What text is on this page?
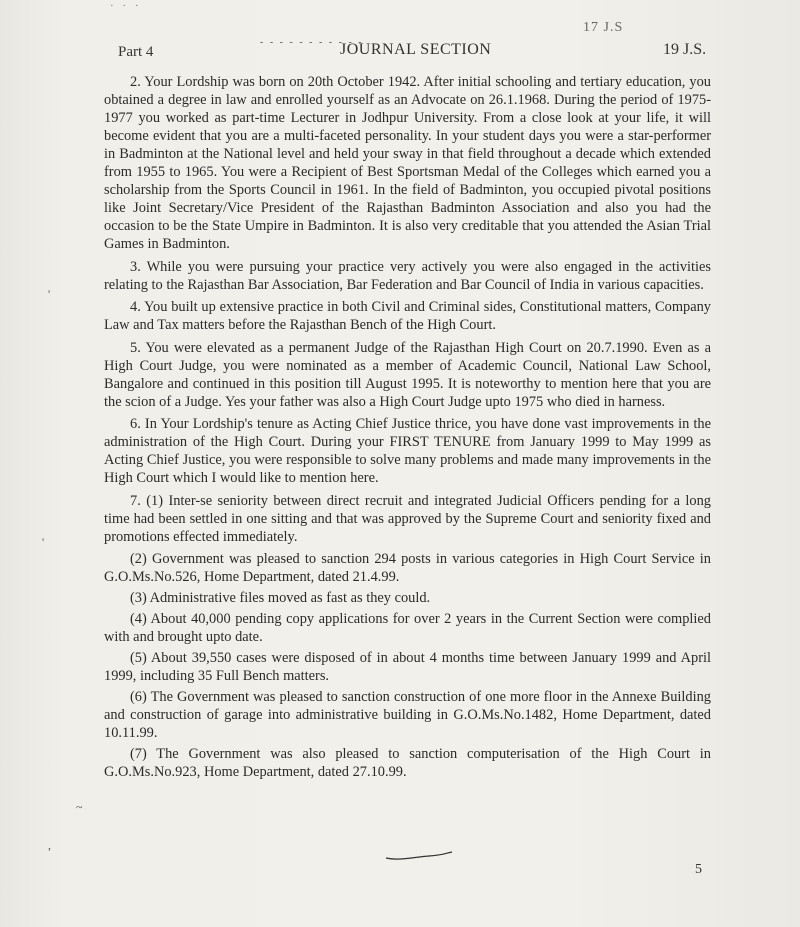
· · ·
17 J.S
- - - - - - - - - - -
Part 4	JOURNAL SECTION	19 J.S.

2. Your Lordship was born on 20th October 1942. After initial schooling and tertiary education, you obtained a degree in law and enrolled yourself as an Advocate on 26.1.1968. During the period of 1975-1977 you worked as part-time Lecturer in Jodhpur University. From a close look at your life, it will become evident that you are a multi-faceted personality. In your student days you were a star-performer in Badminton at the National level and held your sway in that field throughout a decade which extended from 1955 to 1965. You were a Recipient of Best Sportsman Medal of the Colleges which earned you a scholarship from the Sports Council in 1961. In the field of Badminton, you occupied pivotal positions like Joint Secretary/Vice President of the Rajasthan Badminton Association and also you had the occasion to be the State Umpire in Badminton. It is also very creditable that you attended the Asian Trial Games in Badminton.

3. While you were pursuing your practice very actively you were also engaged in the activities relating to the Rajasthan Bar Association, Bar Federation and Bar Council of India in various capacities.

4. You built up extensive practice in both Civil and Criminal sides, Constitutional matters, Company Law and Tax matters before the Rajasthan Bench of the High Court.

5. You were elevated as a permanent Judge of the Rajasthan High Court on 20.7.1990. Even as a High Court Judge, you were nominated as a member of Academic Council, National Law School, Bangalore and continued in this position till August 1995. It is noteworthy to mention here that you are the scion of a Judge. Yes your father was also a High Court Judge upto 1975 who died in harness.

6. In Your Lordship's tenure as Acting Chief Justice thrice, you have done vast improvements in the administration of the High Court. During your FIRST TENURE from January 1999 to May 1999 as Acting Chief Justice, you were responsible to solve many problems and made many improvements in the High Court which I would like to mention here.

7. (1) Inter-se seniority between direct recruit and integrated Judicial Officers pending for a long time had been settled in one sitting and that was approved by the Supreme Court and seniority fixed and promotions effected immediately.

(2) Government was pleased to sanction 294 posts in various categories in High Court Service in G.O.Ms.No.526, Home Department, dated 21.4.99.

(3) Administrative files moved as fast as they could.

(4) About 40,000 pending copy applications for over 2 years in the Current Section were complied with and brought upto date.

(5) About 39,550 cases were disposed of in about 4 months time between January 1999 and April 1999, including 35 Full Bench matters.

(6) The Government was pleased to sanction construction of one more floor in the Annexe Building and construction of garage into administrative building in G.O.Ms.No.1482, Home Department, dated 10.11.99.

(7) The Government was also pleased to sanction computerisation of the High Court in G.O.Ms.No.923, Home Department, dated 27.10.99.

'
'
~
,
5
